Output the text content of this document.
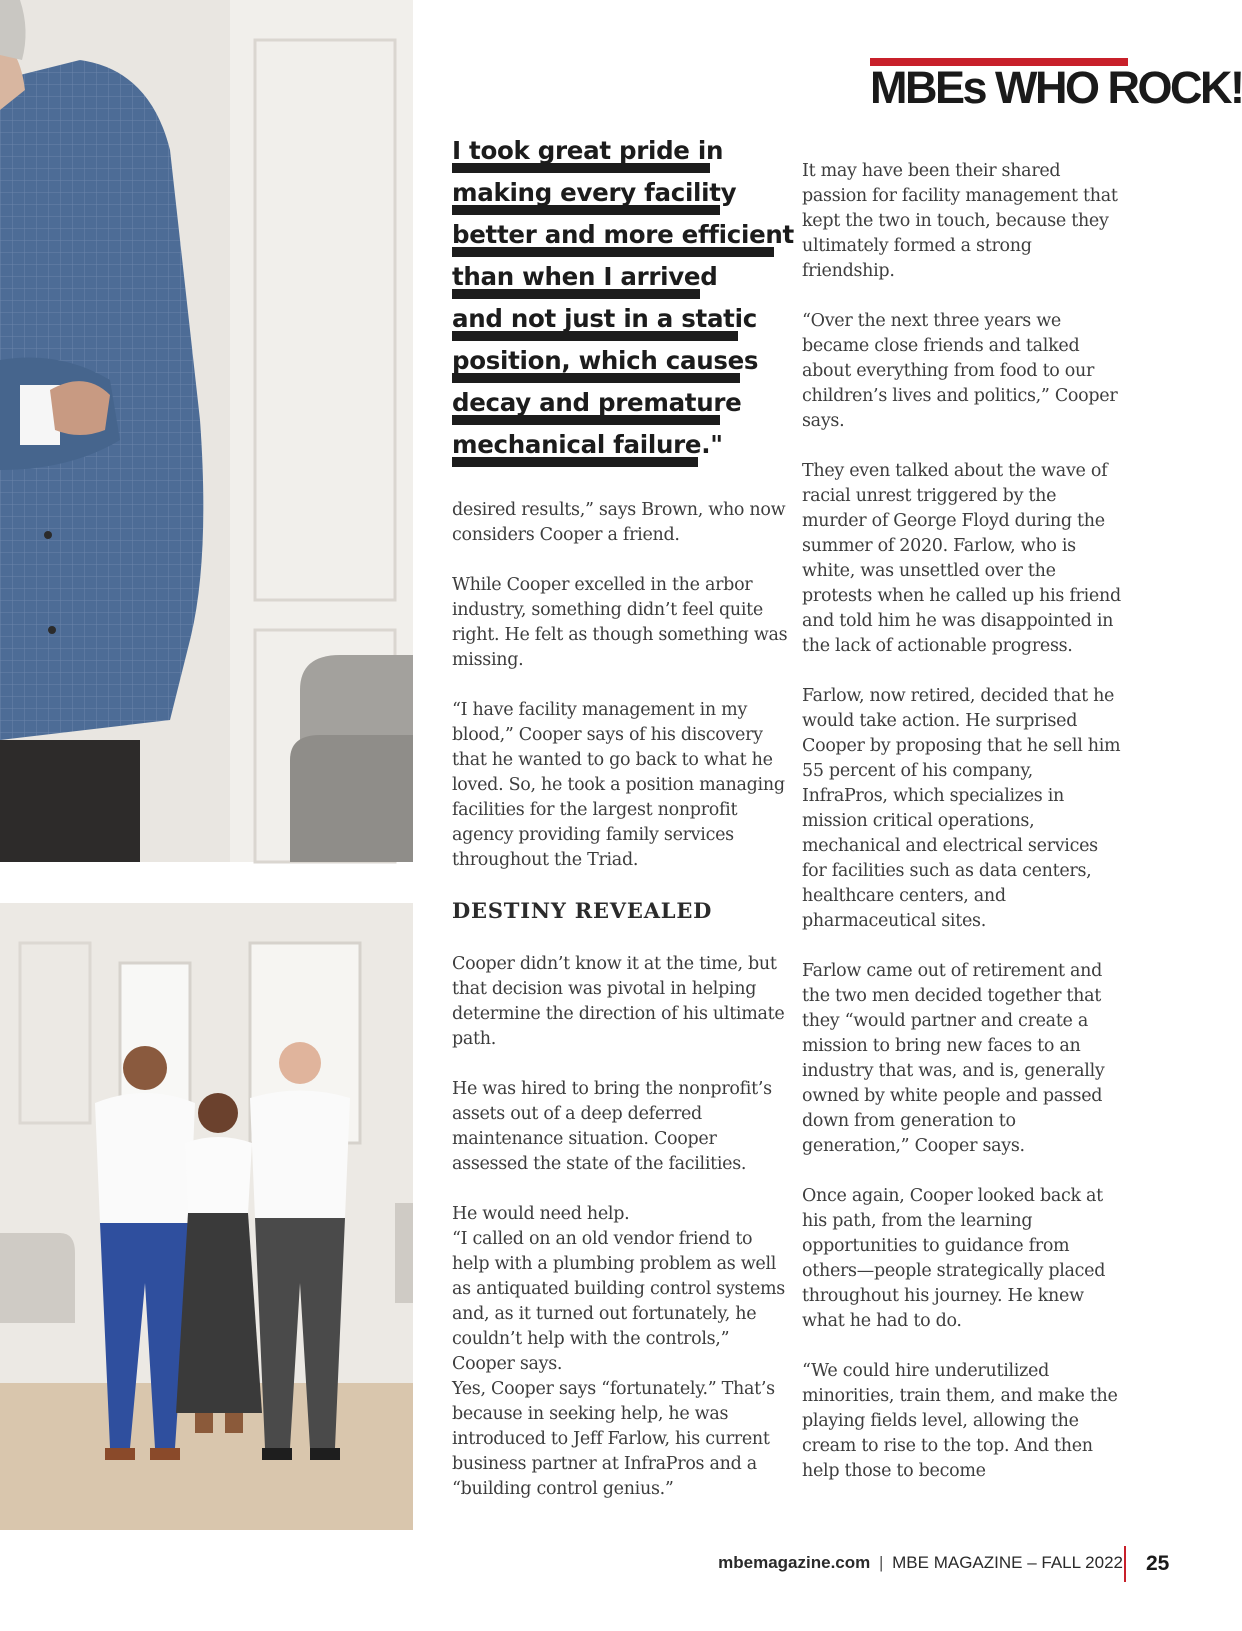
MBEs WHO ROCK!
I took great pride in
making every facility
better and more efficient
than when I arrived
and not just in a static
position, which causes
decay and premature
mechanical failure."

desired results,” says Brown, who now considers Cooper a friend.

While Cooper excelled in the arbor industry, something didn’t feel quite right. He felt as though something was missing.

“I have facility management in my blood,” Cooper says of his discovery that he wanted to go back to what he loved. So, he took a position managing facilities for the largest nonprofit agency providing family services throughout the Triad.

DESTINY REVEALED

Cooper didn’t know it at the time, but that decision was pivotal in helping determine the direction of his ultimate path.

He was hired to bring the nonprofit’s assets out of a deep deferred maintenance situation. Cooper assessed the state of the facilities.

He would need help.
“I called on an old vendor friend to help with a plumbing problem as well as antiquated building control systems and, as it turned out fortunately, he couldn’t help with the controls,” Cooper says.
Yes, Cooper says “fortunately.” That’s because in seeking help, he was introduced to Jeff Farlow, his current business partner at InfraPros and a “building control genius.”

It may have been their shared passion for facility management that kept the two in touch, because they ultimately formed a strong friendship.

“Over the next three years we became close friends and talked about everything from food to our children’s lives and politics,” Cooper says.

They even talked about the wave of racial unrest triggered by the murder of George Floyd during the summer of 2020. Farlow, who is white, was unsettled over the protests when he called up his friend and told him he was disappointed in the lack of actionable progress.

Farlow, now retired, decided that he would take action. He surprised Cooper by proposing that he sell him 55 percent of his company, InfraPros, which specializes in mission critical operations, mechanical and electrical services for facilities such as data centers, healthcare centers, and pharmaceutical sites.

Farlow came out of retirement and the two men decided together that they “would partner and create a mission to bring new faces to an industry that was, and is, generally owned by white people and passed down from generation to generation,” Cooper says.

Once again, Cooper looked back at his path, from the learning opportunities to guidance from others—people strategically placed throughout his journey. He knew what he had to do.

“We could hire underutilized minorities, train them, and make the playing fields level, allowing the cream to rise to the top. And then help those to become

mbemagazine.com | MBE MAGAZINE – FALL 2022 25
